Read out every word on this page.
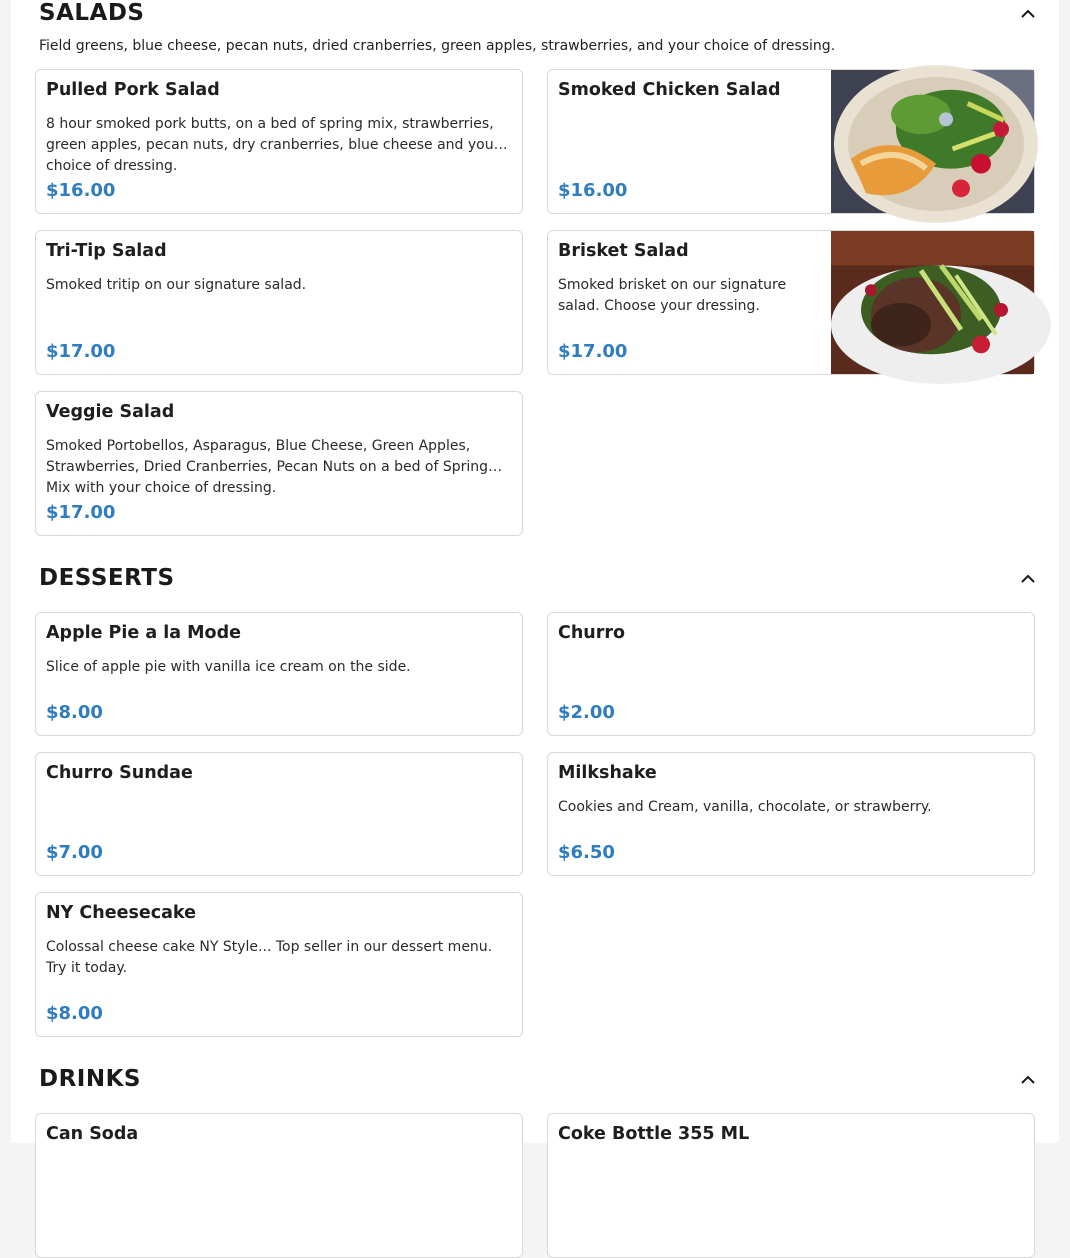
SALADS
Field greens, blue cheese, pecan nuts, dried cranberries, green apples, strawberries, and your choice of dressing.
Pulled Pork Salad
8 hour smoked pork butts, on a bed of spring mix, strawberries, green apples, pecan nuts, dry cranberries, blue cheese and your choice of dressing.
$16.00
Smoked Chicken Salad
$16.00
Tri-Tip Salad
Smoked tritip on our signature salad.
$17.00
Brisket Salad
Smoked brisket on our signature salad. Choose your dressing.
$17.00
Veggie Salad
Smoked Portobellos, Asparagus, Blue Cheese, Green Apples, Strawberries, Dried Cranberries, Pecan Nuts on a bed of Spring Mix with your choice of dressing.
$17.00
DESSERTS
Apple Pie a la Mode
Slice of apple pie with vanilla ice cream on the side.
$8.00
Churro
$2.00
Churro Sundae
$7.00
Milkshake
Cookies and Cream, vanilla, chocolate, or strawberry.
$6.50
NY Cheesecake
Colossal cheese cake NY Style... Top seller in our dessert menu. Try it today.
$8.00
DRINKS
Can Soda	Coke Bottle 355 ML
